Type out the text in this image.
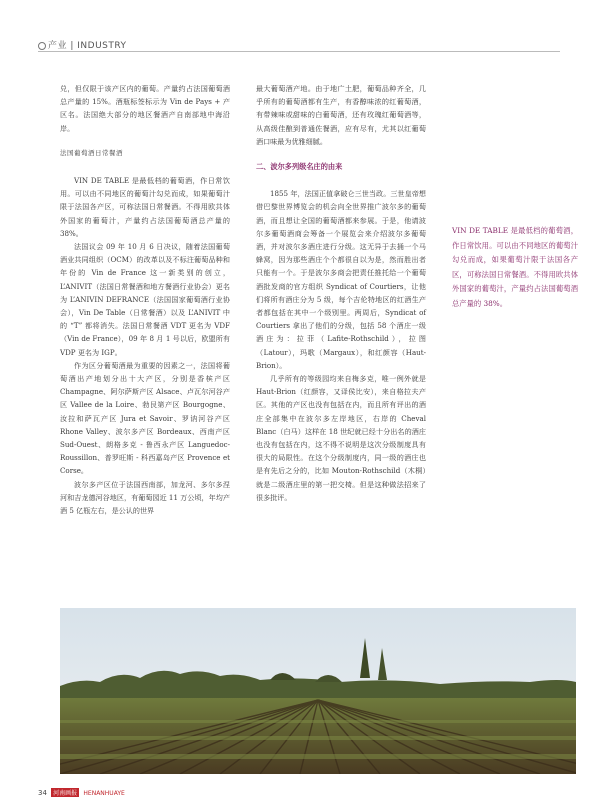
产业 | INDUSTRY

兑，但仅限于该产区内的葡萄。产量约占法国葡萄酒总产量的 15%。酒瓶标签标示为 Vin de Pays + 产区名。法国绝大部分的地区餐酒产自南部地中海沿岸。

法国葡萄酒日常餐酒

VIN DE TABLE 是最低档的葡萄酒，作日常饮用。可以由不同地区的葡萄汁勾兑而成，如果葡萄汁限于法国各产区，可称法国日常餐酒。不得用欧共体外国家的葡萄汁，产量约占法国葡萄酒总产量的 38%。

法国议会 09 年 10 月 6 日决议，随着法国葡萄酒业共同组织（OCM）的改革以及不标注葡萄品种和年份的 Vin de France 这一新类别的创立，L’ANIVIT（法国日常餐酒和地方餐酒行业协会）更名为 L’ANIVIN DEFRANCE（法国国家葡萄酒行业协会），Vin De Table（日常餐酒）以及 L’ANIVIT 中的 “T” 都将消失。法国日常餐酒 VDT 更名为 VDF（Vin de France），09 年 8 月 1 号以后，欧盟所有 VDP 更名为 IGP。

作为区分葡萄酒最为重要的因素之一，法国将葡萄酒出产地划分出十大产区，分别是香槟产区 Champagne、阿尔萨斯产区 Alsace、卢瓦尔河谷产区 Vallee de la Loire、勃艮第产区 Bourgogne、汝拉和萨瓦产区 Jura et Savoir、罗讷河谷产区 Rhone Valley、波尔多产区 Bordeaux、西南产区 Sud-Ouest、朗格多克 - 鲁西永产区 Languedoc-Roussillon、普罗旺斯 - 科西嘉岛产区 Provence et Corse。

波尔多产区位于法国西南部，加龙河、多尔多涅河和吉龙德河谷地区，有葡萄园近 11 万公顷，年均产酒 5 亿瓶左右，是公认的世界

最大葡萄酒产地。由于地广土肥，葡萄品种齐全，几乎所有的葡萄酒都有生产，有香醇味浓的红葡萄酒，有带辣味或甜味的白葡萄酒，还有玫瑰红葡萄酒等，从高级佳酿到普通佐餐酒，应有尽有，尤其以红葡萄酒口味最为优雅细腻。

二、波尔多列级名庄的由来

1855 年，法国正值拿破仑三世当政。三世皇帝想借巴黎世界博览会的机会向全世界推广波尔多的葡萄酒，而且想让全国的葡萄酒都来参展。于是，他请波尔多葡萄酒商会筹备一个展览会来介绍波尔多葡萄酒，并对波尔多酒庄进行分级。这无异于去捅一个马蜂窝，因为那些酒庄个个都很自以为是，然而胜出者只能有一个。于是波尔多商会把责任推托给一个葡萄酒批发商的官方组织 Syndicat of Courtiers，让他们将所有酒庄分为 5 级，每个吉伦特地区的红酒生产者都包括在其中一个级别里。两周后，Syndicat of Courtiers 拿出了他们的分级，包括 58 个酒庄一级酒庄为：拉菲（Lafite-Rothschild），拉图（Latour），玛歌（Margaux），和红颜容（Haut-Brion）。

几乎所有的等级园均来自梅多克，唯一例外就是 Haut-Brion（红颜容，又译侯比安），来自格拉夫产区。其他的产区也没有包括在内，而且所有评出的酒庄全部集中在波尔多左岸地区，右岸的 Cheval Blanc（白马）这样在 18 世纪就已经十分出名的酒庄也没有包括在内，这不得不说明是这次分级制度具有很大的局限性。在这个分级制度内，同一级的酒庄也是有先后之分的，比如 Mouton-Rothschild（木桐）就是二级酒庄里的第一把交椅。但是这种做法招来了很多批评。

VIN DE TABLE 是最低档的葡萄酒，作日常饮用。可以由不同地区的葡萄汁勾兑而成，如果葡萄汁限于法国各产区，可称法国日常餐酒。不得用欧共体外国家的葡萄汁，产量约占法国葡萄酒总产量的 38%。
34 河南画报 HENANHUAYE
